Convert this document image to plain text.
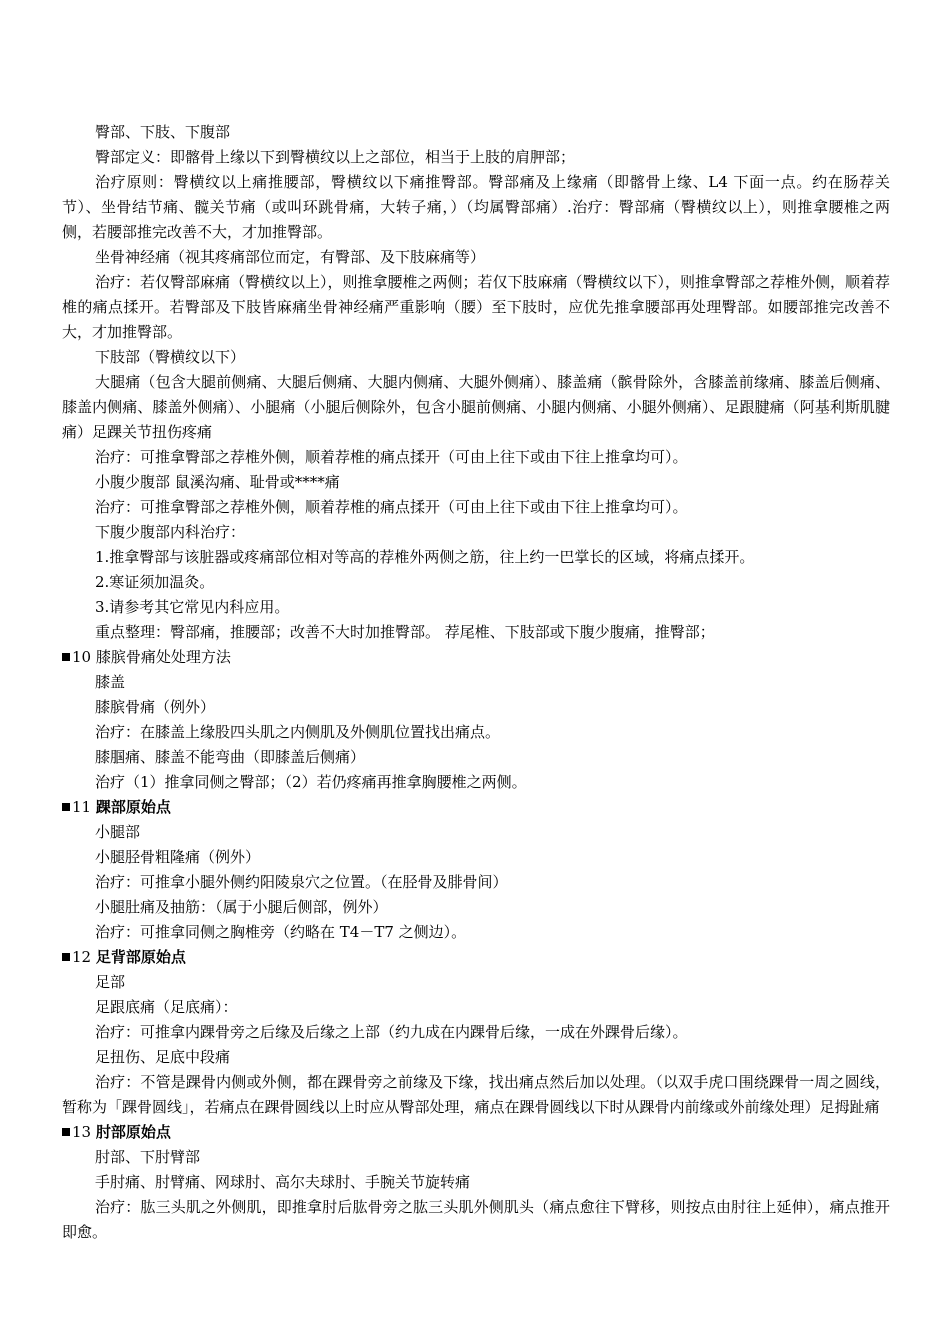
臀部、下肢、下腹部

臀部定义：即髂骨上缘以下到臀横纹以上之部位，相当于上肢的肩胛部；

治疗原则：臀横纹以上痛推腰部，臀横纹以下痛推臀部。臀部痛及上缘痛（即髂骨上缘、L4 下面一点。约在肠荐关节）、坐骨结节痛、髋关节痛（或叫环跳骨痛，大转子痛，）（均属臀部痛）.治疗：臀部痛（臀横纹以上），则推拿腰椎之两侧，若腰部推完改善不大，才加推臀部。

坐骨神经痛（视其疼痛部位而定，有臀部、及下肢麻痛等）

治疗：若仅臀部麻痛（臀横纹以上），则推拿腰椎之两侧；若仅下肢麻痛（臀横纹以下），则推拿臀部之荐椎外侧，顺着荐椎的痛点揉开。若臀部及下肢皆麻痛坐骨神经痛严重影响（腰）至下肢时，应优先推拿腰部再处理臀部。如腰部推完改善不大，才加推臀部。

下肢部（臀横纹以下）

大腿痛（包含大腿前侧痛、大腿后侧痛、大腿内侧痛、大腿外侧痛）、膝盖痛（髌骨除外，含膝盖前缘痛、膝盖后侧痛、膝盖内侧痛、膝盖外侧痛）、小腿痛（小腿后侧除外，包含小腿前侧痛、小腿内侧痛、小腿外侧痛）、足跟腱痛（阿基利斯肌腱痛）足踝关节扭伤疼痛

治疗：可推拿臀部之荐椎外侧，顺着荐椎的痛点揉开（可由上往下或由下往上推拿均可）。

小腹少腹部 鼠溪沟痛、耻骨或****痛

治疗：可推拿臀部之荐椎外侧，顺着荐椎的痛点揉开（可由上往下或由下往上推拿均可）。

下腹少腹部内科治疗：

1.推拿臀部与该脏器或疼痛部位相对等高的荐椎外两侧之筋，往上约一巴掌长的区域，将痛点揉开。

2.寒证须加温灸。

3.请参考其它常见内科应用。

重点整理：臀部痛，推腰部；改善不大时加推臀部。 荐尾椎、下肢部或下腹少腹痛，推臀部；

10 膝膑骨痛处处理方法

膝盖

膝膑骨痛（例外）

治疗：在膝盖上缘股四头肌之内侧肌及外侧肌位置找出痛点。

膝腘痛、膝盖不能弯曲（即膝盖后侧痛）

治疗（1）推拿同侧之臀部；（2）若仍疼痛再推拿胸腰椎之两侧。

11 踝部原始点

小腿部

小腿胫骨粗隆痛（例外）

治疗：可推拿小腿外侧约阳陵泉穴之位置。（在胫骨及腓骨间）

小腿肚痛及抽筋：（属于小腿后侧部，例外）

治疗：可推拿同侧之胸椎旁（约略在 T4－T7 之侧边）。

12 足背部原始点

足部

足跟底痛（足底痛）：

治疗：可推拿内踝骨旁之后缘及后缘之上部（约九成在内踝骨后缘，一成在外踝骨后缘）。

足扭伤、足底中段痛

治疗：不管是踝骨内侧或外侧，都在踝骨旁之前缘及下缘，找出痛点然后加以处理。（以双手虎口围绕踝骨一周之圆线，暂称为「踝骨圆线」，若痛点在踝骨圆线以上时应从臀部处理，痛点在踝骨圆线以下时从踝骨内前缘或外前缘处理）足拇趾痛

13 肘部原始点

肘部、下肘臂部

手肘痛、肘臂痛、网球肘、高尔夫球肘、手腕关节旋转痛

治疗：肱三头肌之外侧肌，即推拿肘后肱骨旁之肱三头肌外侧肌头（痛点愈往下臂移，则按点由肘往上延伸），痛点推开即愈。
